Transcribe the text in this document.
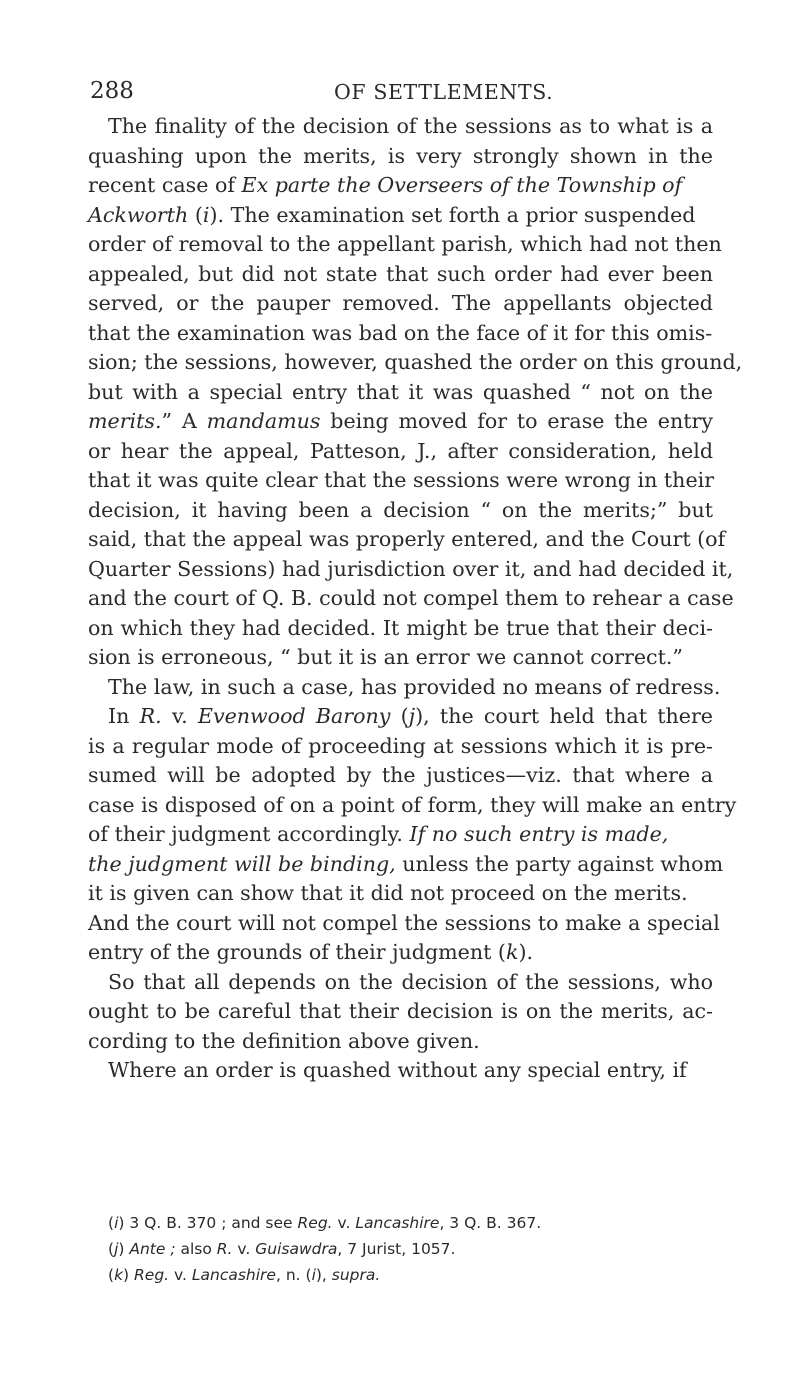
288	OF SETTLEMENTS.
The finality of the decision of the sessions as to what is a
quashing upon the merits, is very strongly shown in the
recent case of Ex parte the Overseers of the Township of
Ackworth (i). The examination set forth a prior suspended
order of removal to the appellant parish, which had not then
appealed, but did not state that such order had ever been
served, or the pauper removed. The appellants objected
that the examination was bad on the face of it for this omis-
sion; the sessions, however, quashed the order on this ground,
but with a special entry that it was quashed “ not on the
merits.” A mandamus being moved for to erase the entry
or hear the appeal, Patteson, J., after consideration, held
that it was quite clear that the sessions were wrong in their
decision, it having been a decision “ on the merits;” but
said, that the appeal was properly entered, and the Court (of
Quarter Sessions) had jurisdiction over it, and had decided it,
and the court of Q. B. could not compel them to rehear a case
on which they had decided. It might be true that their deci-
sion is erroneous, “ but it is an error we cannot correct.”
The law, in such a case, has provided no means of redress.
In R. v. Evenwood Barony (j), the court held that there
is a regular mode of proceeding at sessions which it is pre-
sumed will be adopted by the justices—viz. that where a
case is disposed of on a point of form, they will make an entry
of their judgment accordingly. If no such entry is made,
the judgment will be binding, unless the party against whom
it is given can show that it did not proceed on the merits.
And the court will not compel the sessions to make a special
entry of the grounds of their judgment (k).
So that all depends on the decision of the sessions, who
ought to be careful that their decision is on the merits, ac-
cording to the definition above given.
Where an order is quashed without any special entry, if
(i) 3 Q. B. 370 ; and see Reg. v. Lancashire, 3 Q. B. 367.
(j) Ante ; also R. v. Guisawdra, 7 Jurist, 1057.
(k) Reg. v. Lancashire, n. (i), supra.
